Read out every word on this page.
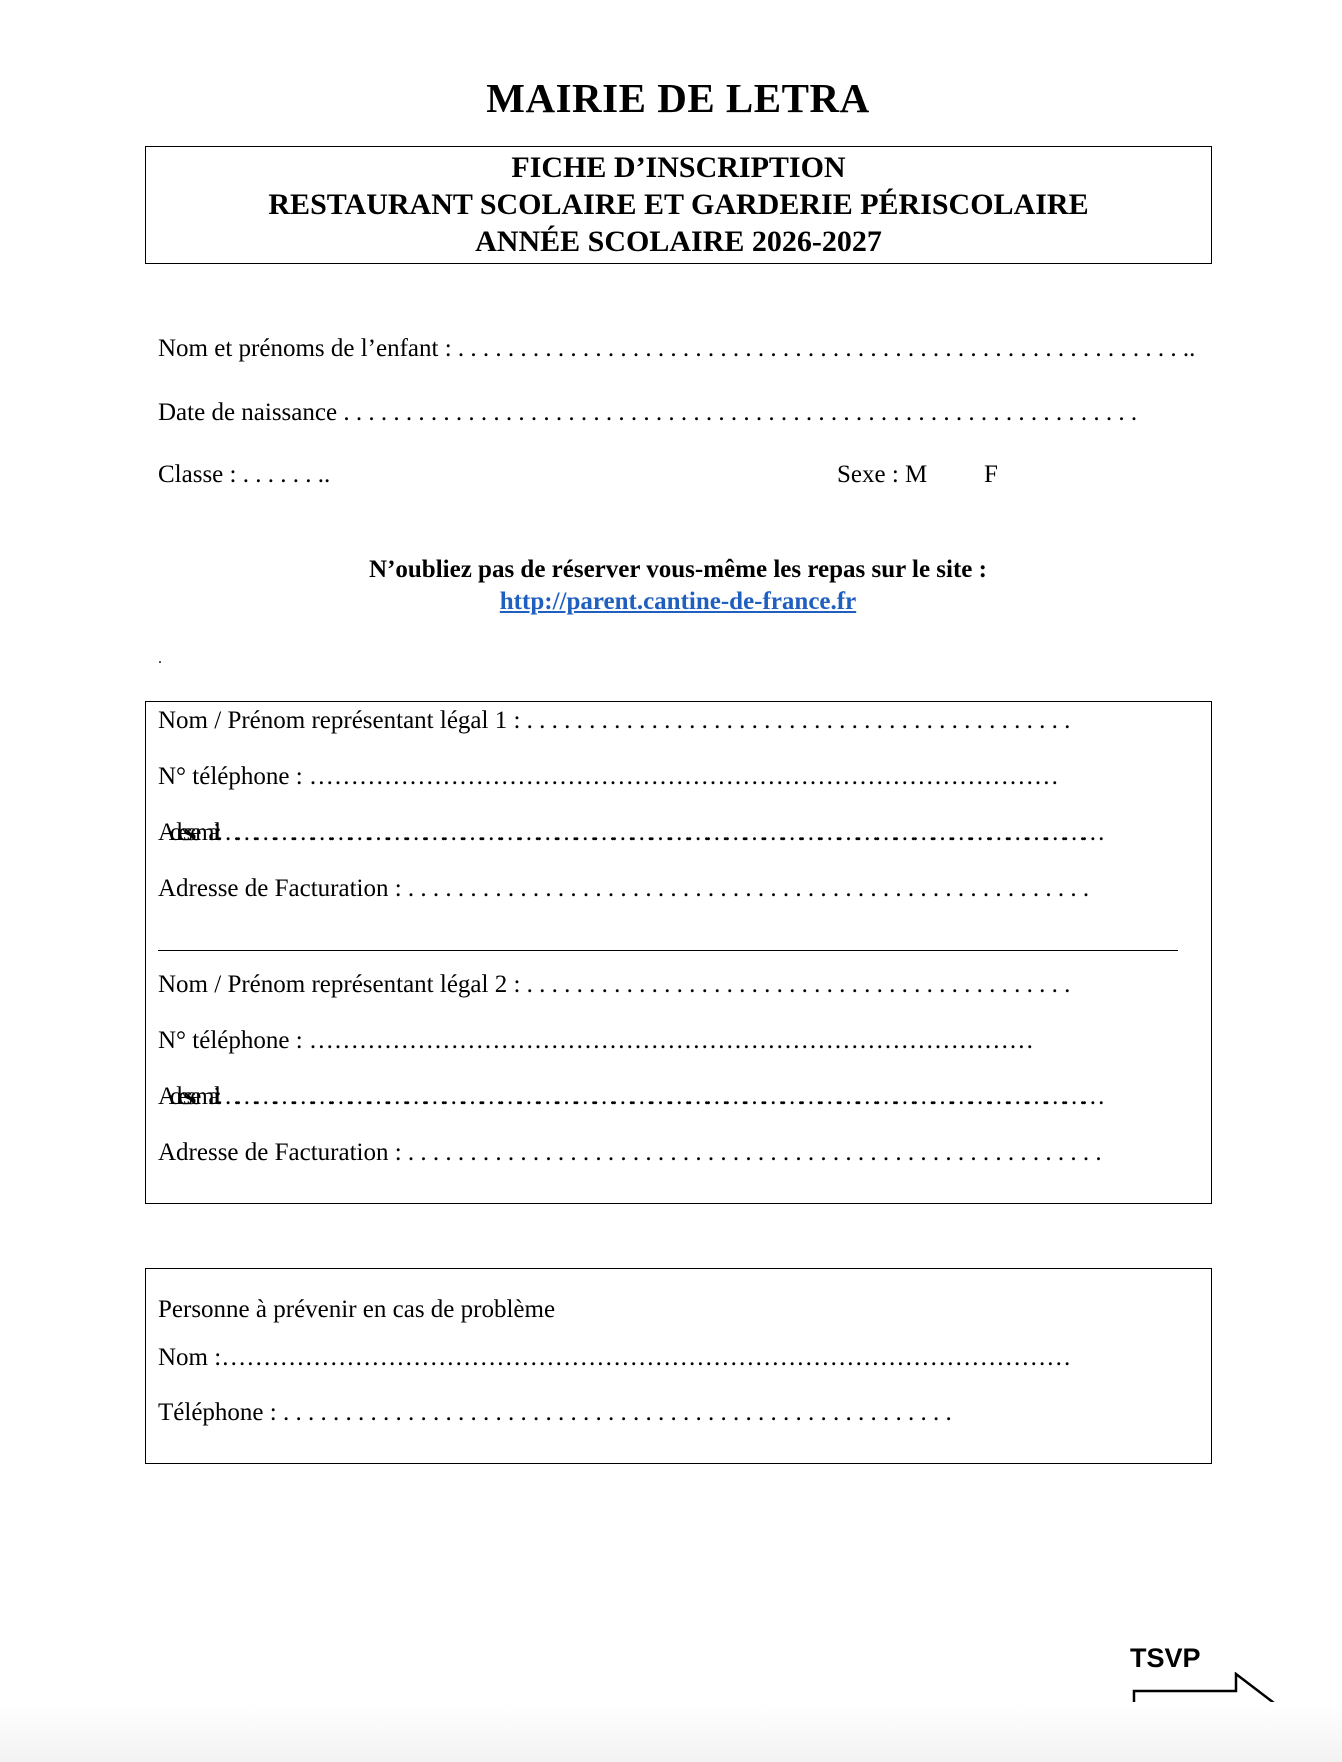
MAIRIE DE LETRA
FICHE D’INSCRIPTION
RESTAURANT SCOLAIRE ET GARDERIE PÉRISCOLAIRE
ANNÉE SCOLAIRE 2026-2027
Nom et prénoms de l’enfant : . . . . . . . . . . . . . . . . . . . . . . . . . . . . . . . . . . . . . . . . . . . . . . . . . . . . . . . . . . ..
Date de naissance . . . . . . . . . . . . . . . . . . . . . . . . . . . . . . . . . . . . . . . . . . . . . . . . . . . . . . . . . . . . . . . .
Classe : . . . . . . ..	Sexe : M F
N’oubliez pas de réserver vous-même les repas sur le site :
http://parent.cantine-de-france.fr
.
Nom / Prénom représentant légal 1 : . . . . . . . . . . . . . . . . . . . . . . . . . . . . . . . . . . . . . . . . . . . .
N° téléphone : ………………………………………………………………………………
Adresse mail :……………………………………………………………………………………………………………………………
Adresse de Facturation : . . . . . . . . . . . . . . . . . . . . . . . . . . . . . . . . . . . . . . . . . . . . . . . . . . . . . . .
Nom / Prénom représentant légal 2 : . . . . . . . . . . . . . . . . . . . . . . . . . . . . . . . . . . . . . . . . . . . .
N° téléphone : ……………………………………………………………………………
Adresse mail :……………………………………………………………………………………………………………………………
Adresse de Facturation : . . . . . . . . . . . . . . . . . . . . . . . . . . . . . . . . . . . . . . . . . . . . . . . . . . . . . . . .
Personne à prévenir en cas de problème
Nom :…………………………………………………………………………………………
Téléphone : . . . . . . . . . . . . . . . . . . . . . . . . . . . . . . . . . . . . . . . . . . . . . . . . . . . . . .
TSVP
